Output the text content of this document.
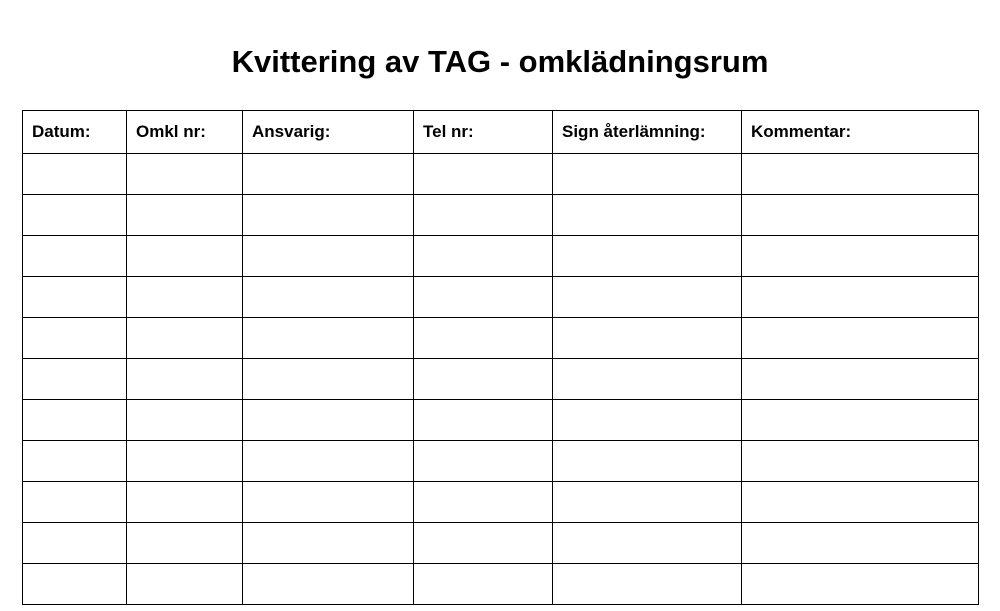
Kvittering av TAG - omklädningsrum
Datum:	Omkl nr:	Ansvarig:	Tel nr:	Sign återlämning:	Kommentar:
